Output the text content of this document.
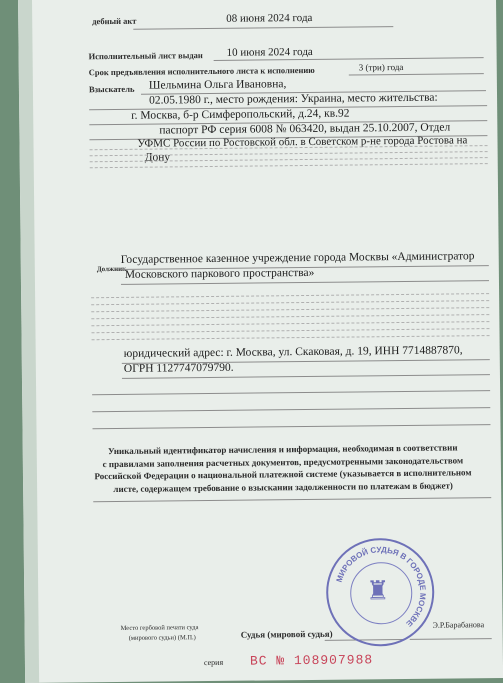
дебный акт	08 июня 2024 года
Исполнительный лист выдан 10 июня 2024 года
Срок предъявления исполнительного листа к исполнению	3 (три) года
Взыскатель Шельмина Ольга Ивановна,
02.05.1980 г., место рождения: Украина, место жительства:
г. Москва, б-р Симферопольский, д.24, кв.92
паспорт РФ серия 6008 № 063420, выдан 25.10.2007, Отдел
УФМС России по Ростовской обл. в Советском р-не города Ростова на
Дону
Должник
Государственное казенное учреждение города Москвы «Администратор
Московского паркового пространства»
юридический адрес: г. Москва, ул. Скаковая, д. 19, ИНН 7714887870,
ОГРН 1127747079790.
Уникальный идентификатор начисления и информация, необходимая в соответствии
с правилами заполнения расчетных документов, предусмотренными законодательством
Российской Федерации о национальной платежной системе (указывается в исполнительном
листе, содержащем требование о взыскании задолженности по платежам в бюджет)
Место гербовой печати суда
(мирового судьи) (М.П.)	Судья (мировой судья)
Э.Р.Барабанова
МИРОВОЙ СУДЬЯ В ГОРОДЕ МОСКВЕ
♜
серия ВС № 108907988
